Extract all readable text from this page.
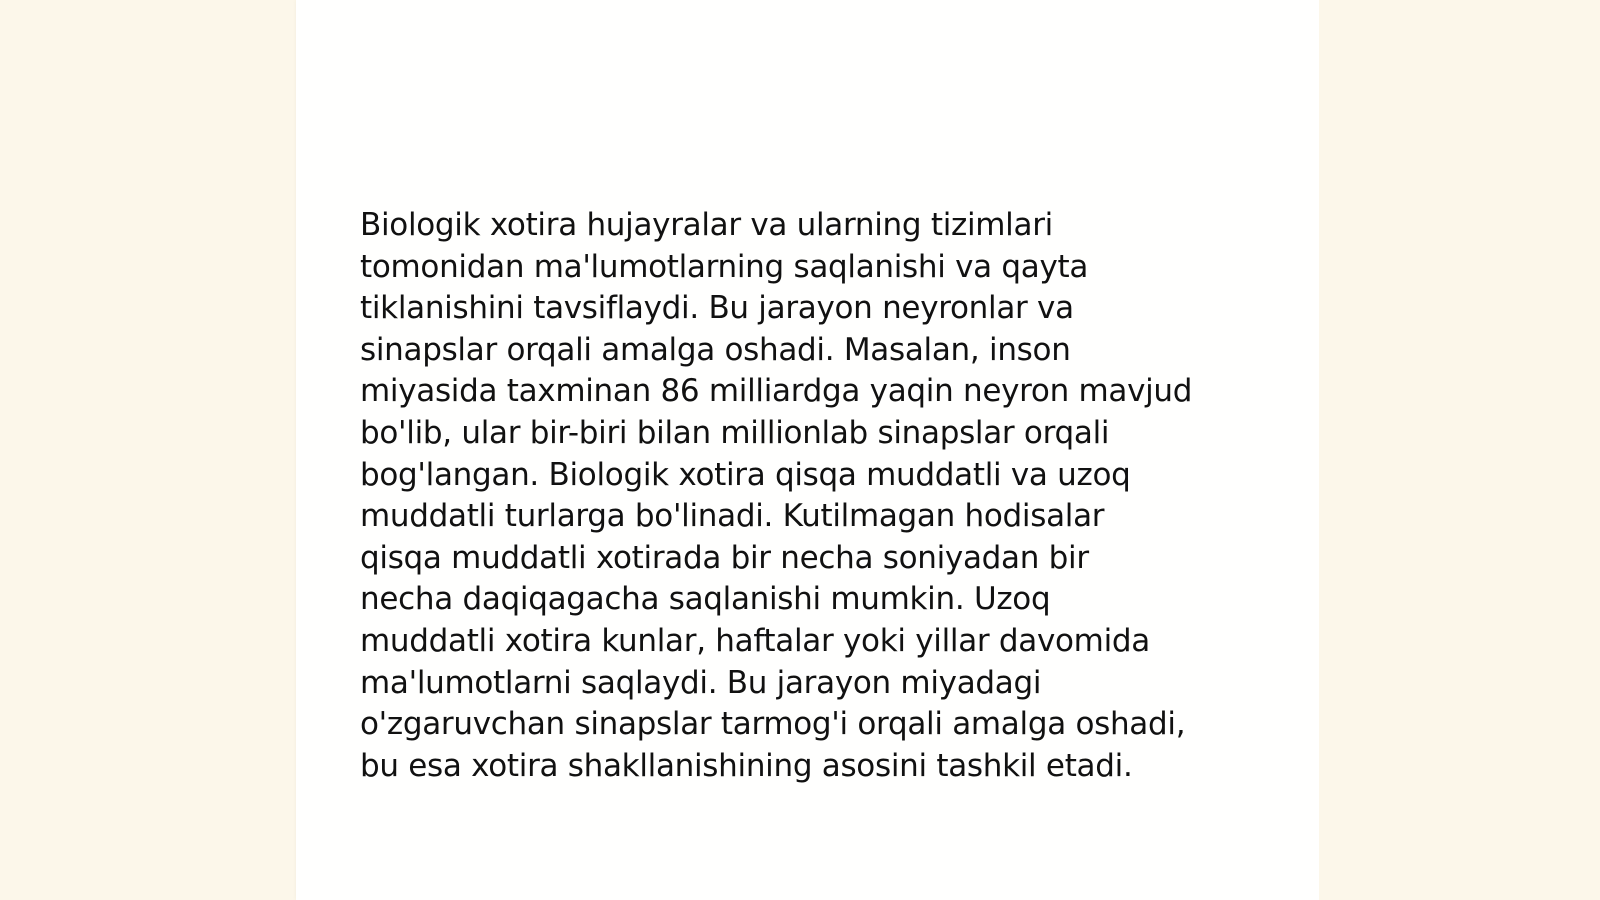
Biologik xotira hujayralar va ularning tizimlari
tomonidan ma'lumotlarning saqlanishi va qayta
tiklanishini tavsiflaydi. Bu jarayon neyronlar va
sinapslar orqali amalga oshadi. Masalan, inson
miyasida taxminan 86 milliardga yaqin neyron mavjud
bo'lib, ular bir-biri bilan millionlab sinapslar orqali
bog'langan. Biologik xotira qisqa muddatli va uzoq
muddatli turlarga bo'linadi. Kutilmagan hodisalar
qisqa muddatli xotirada bir necha soniyadan bir
necha daqiqagacha saqlanishi mumkin. Uzoq
muddatli xotira kunlar, haftalar yoki yillar davomida
ma'lumotlarni saqlaydi. Bu jarayon miyadagi
o'zgaruvchan sinapslar tarmog'i orqali amalga oshadi,
bu esa xotira shakllanishining asosini tashkil etadi.
